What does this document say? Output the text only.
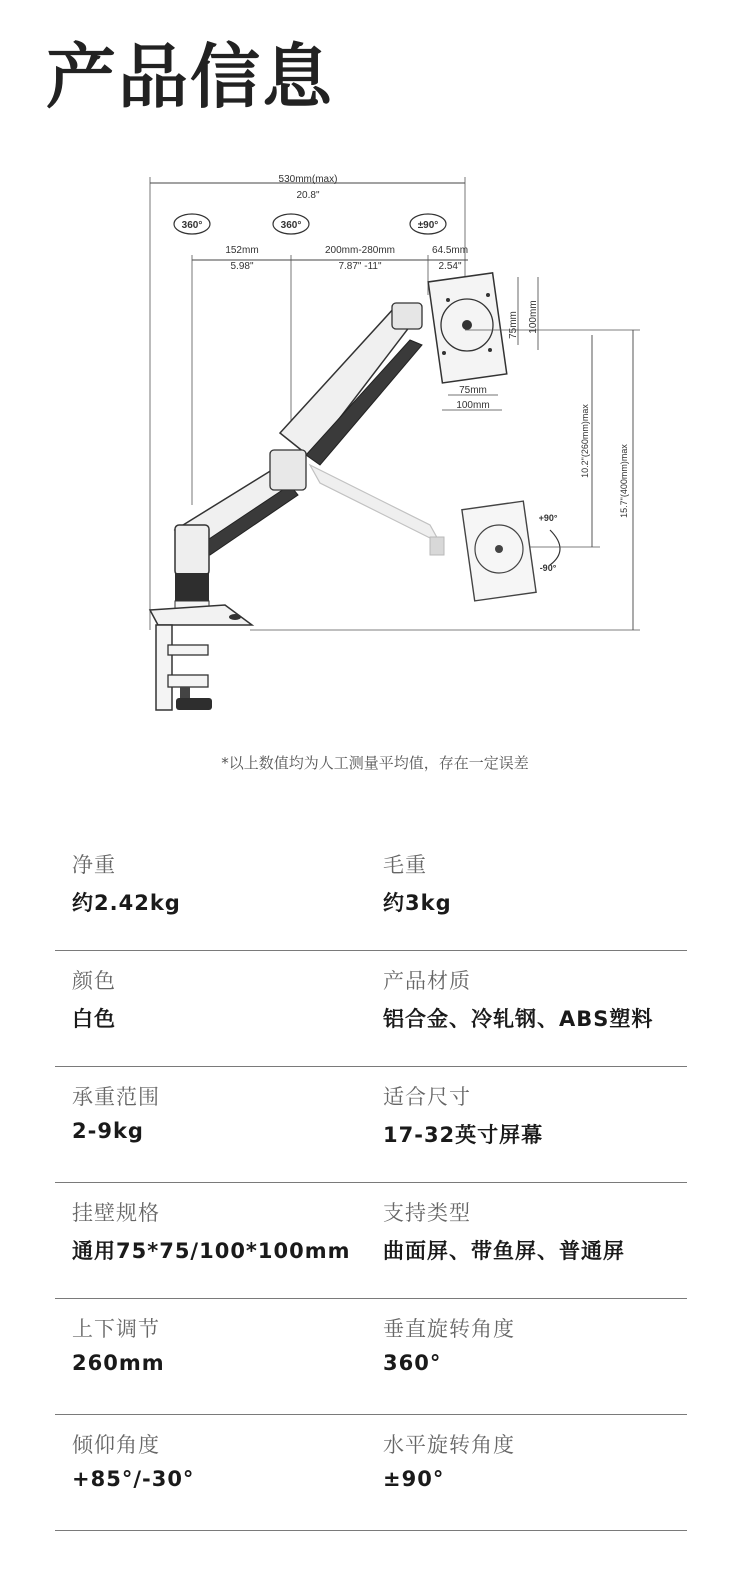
产品信息
530mm(max)
20.8"
360°	360°	±90°
152mm
5.98"
200mm-280mm
7.87" -11"
64.5mm
2.54"
75mm 100mm
75mm
100mm
+90°
-90°
10.2"(260mm)max
15.7"(400mm)max
*以上数值均为人工测量平均值，存在一定误差
净重
约2.42kg
毛重
约3kg
颜色
白色
产品材质
铝合金、冷轧钢、ABS塑料
承重范围
2-9kg
适合尺寸
17-32英寸屏幕
挂壁规格
通用75*75/100*100mm
支持类型
曲面屏、带鱼屏、普通屏
上下调节
260mm
垂直旋转角度
360°
倾仰角度
+85°/-30°
水平旋转角度
±90°
